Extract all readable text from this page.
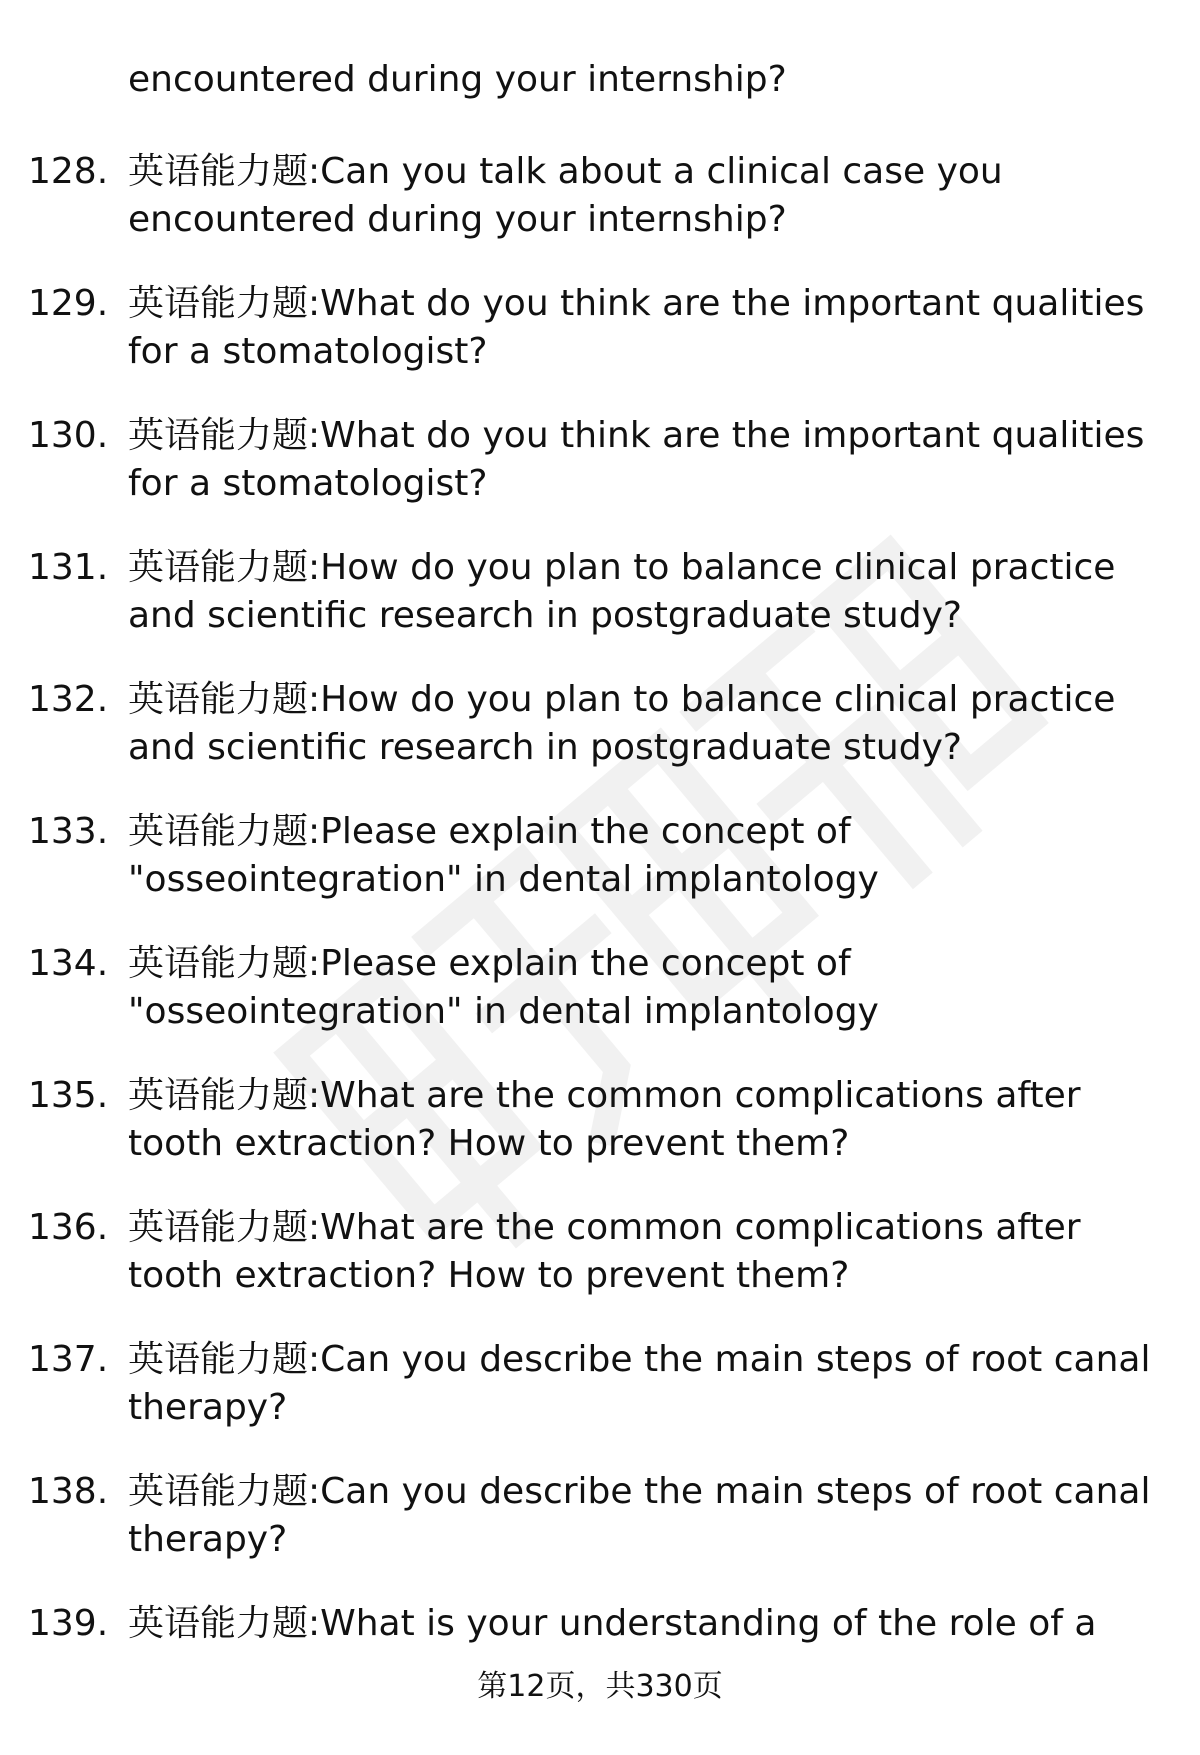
encountered during your internship?
128. 英语能力题:Can you talk about a clinical case you
encountered during your internship?
129. 英语能力题:What do you think are the important qualities
for a stomatologist?
130. 英语能力题:What do you think are the important qualities
for a stomatologist?
131. 英语能力题:How do you plan to balance clinical practice
and scientific research in postgraduate study?
132. 英语能力题:How do you plan to balance clinical practice
and scientific research in postgraduate study?
133. 英语能力题:Please explain the concept of
"osseointegration" in dental implantology
134. 英语能力题:Please explain the concept of
"osseointegration" in dental implantology
135. 英语能力题:What are the common complications after
tooth extraction? How to prevent them?
136. 英语能力题:What are the common complications after
tooth extraction? How to prevent them?
137. 英语能力题:Can you describe the main steps of root canal
therapy?
138. 英语能力题:Can you describe the main steps of root canal
therapy?
139. 英语能力题:What is your understanding of the role of a
第12页，共330页
